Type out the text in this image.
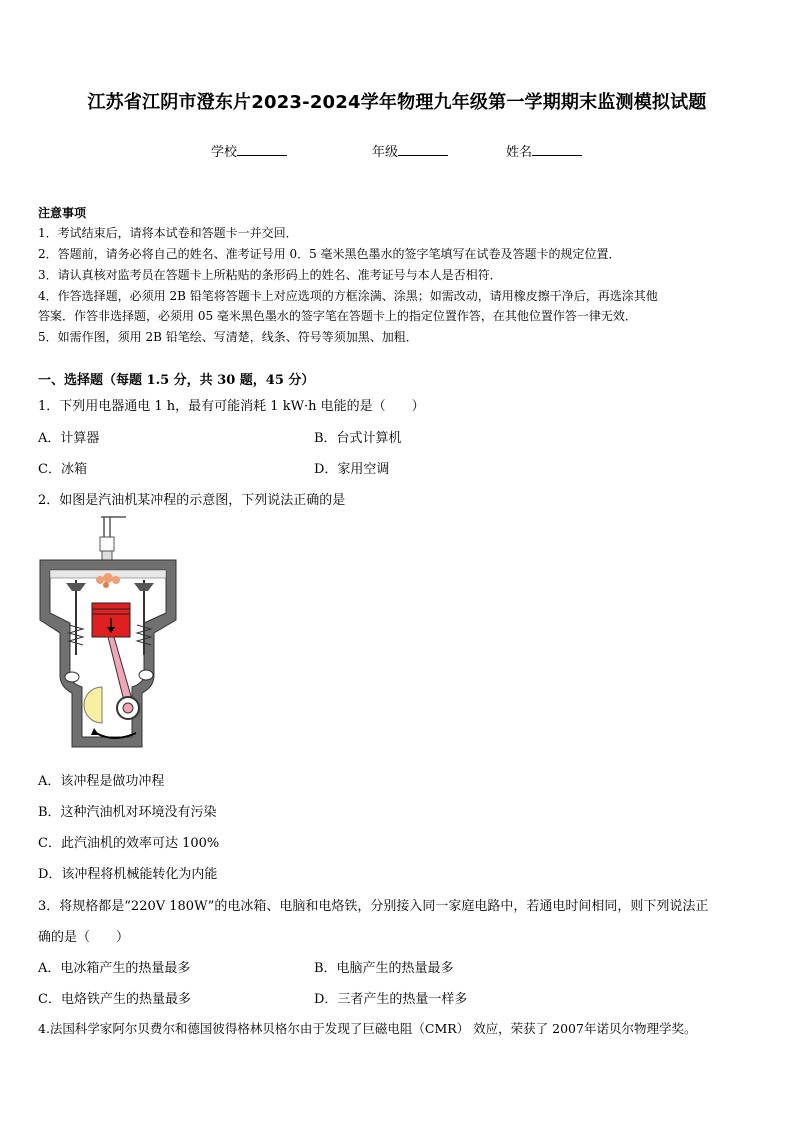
江苏省江阴市澄东片2023-2024学年物理九年级第一学期期末监测模拟试题
学校	年级	姓名
注意事项
1．考试结束后，请将本试卷和答题卡一并交回．
2．答题前，请务必将自己的姓名、准考证号用 0．5 毫米黑色墨水的签字笔填写在试卷及答题卡的规定位置．
3．请认真核对监考员在答题卡上所粘贴的条形码上的姓名、准考证号与本人是否相符．
4．作答选择题，必须用 2B 铅笔将答题卡上对应选项的方框涂满、涂黑；如需改动，请用橡皮擦干净后，再选涂其他
答案．作答非选择题，必须用 05 毫米黑色墨水的签字笔在答题卡上的指定位置作答，在其他位置作答一律无效．
5．如需作图，须用 2B 铅笔绘、写清楚，线条、符号等须加黑、加粗．
一、选择题（每题 1.5 分，共 30 题，45 分）
1．下列用电器通电 1 h，最有可能消耗 1 kW·h 电能的是（　　）
A．计算器	B．台式计算机
C．冰箱	D．家用空调
2．如图是汽油机某冲程的示意图，下列说法正确的是
A．该冲程是做功冲程
B．这种汽油机对环境没有污染
C．此汽油机的效率可达 100%
D．该冲程将机械能转化为内能
3．将规格都是“220V 180W”的电冰箱、电脑和电烙铁，分别接入同一家庭电路中，若通电时间相同，则下列说法正
确的是（　　）
A．电冰箱产生的热量最多	B．电脑产生的热量最多
C．电烙铁产生的热量最多	D．三者产生的热量一样多
4.法国科学家阿尔贝费尔和德国彼得格林贝格尔由于发现了巨磁电阻（CMR） 效应，荣获了 2007年诺贝尔物理学奖。
